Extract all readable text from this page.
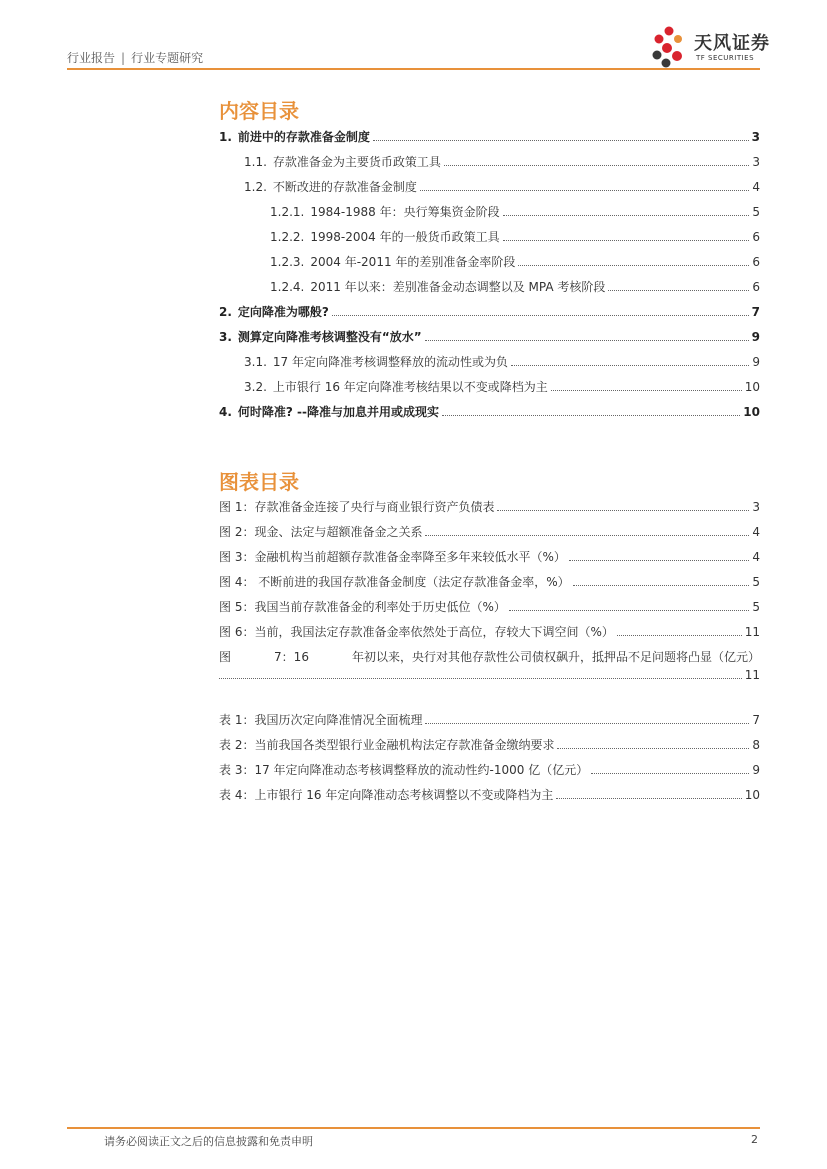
行业报告 | 行业专题研究
天风证券
TF SECURITIES
内容目录
1. 前进中的存款准备金制度	3
1.1. 存款准备金为主要货币政策工具	3
1.2. 不断改进的存款准备金制度	4
1.2.1. 1984-1988 年：央行筹集资金阶段	5
1.2.2. 1998-2004 年的一般货币政策工具	6
1.2.3. 2004 年-2011 年的差别准备金率阶段	6
1.2.4. 2011 年以来：差别准备金动态调整以及 MPA 考核阶段	6
2. 定向降准为哪般?	7
3. 测算定向降准考核调整没有“放水”	9
3.1. 17 年定向降准考核调整释放的流动性或为负	9
3.2. 上市银行 16 年定向降准考核结果以不变或降档为主	10
4. 何时降准? --降准与加息并用或成现实	10
图表目录
图 1：存款准备金连接了央行与商业银行资产负债表	3
图 2：现金、法定与超额准备金之关系	4
图 3：金融机构当前超额存款准备金率降至多年来较低水平（%）	4
图 4： 不断前进的我国存款准备金制度（法定存款准备金率，%）	5
图 5：我国当前存款准备金的利率处于历史低位（%）	5
图 6：当前，我国法定存款准备金率依然处于高位，存较大下调空间（%）	11
图	7：16	年初以来，央行对其他存款性公司债权飙升，抵押品不足问题将凸显（亿元）
11
表 1：我国历次定向降准情况全面梳理	7
表 2：当前我国各类型银行业金融机构法定存款准备金缴纳要求	8
表 3：17 年定向降准动态考核调整释放的流动性约-1000 亿（亿元）	9
表 4：上市银行 16 年定向降准动态考核调整以不变或降档为主	10
请务必阅读正文之后的信息披露和免责申明	2
